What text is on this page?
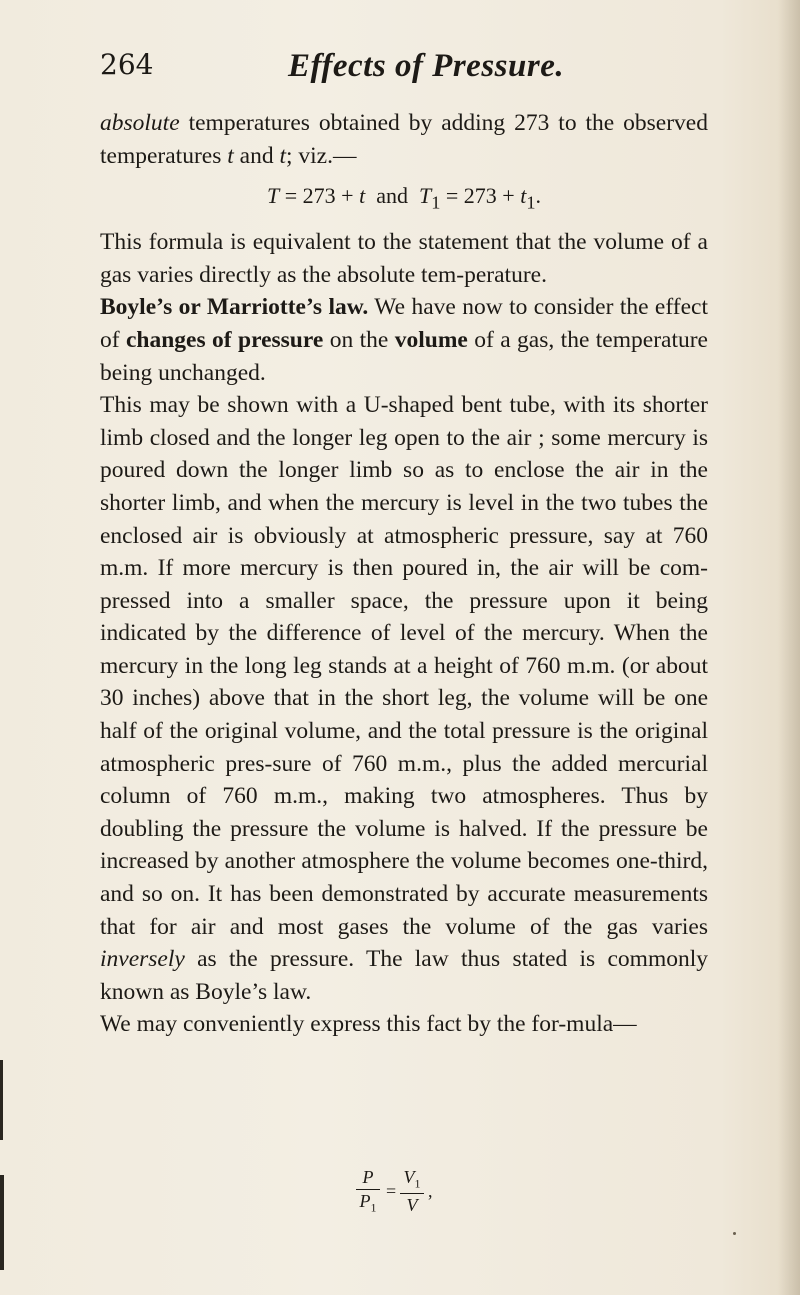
264	Effects of Pressure.

absolute temperatures obtained by adding 273 to the observed temperatures t and t; viz.—

T = 273 + t  and  $T_1 = 273 + t_1$.

This formula is equivalent to the statement that the volume of a gas varies directly as the absolute tem-perature.

Boyle’s or Marriotte’s law. We have now to consider the effect of changes of pressure on the volume of a gas, the temperature being unchanged.

This may be shown with a U-shaped bent tube, with its shorter limb closed and the longer leg open to the air ; some mercury is poured down the longer limb so as to enclose the air in the shorter limb, and when the mercury is level in the two tubes the enclosed air is obviously at atmospheric pressure, say at 760 m.m. If more mercury is then poured in, the air will be com-pressed into a smaller space, the pressure upon it being indicated by the difference of level of the mercury. When the mercury in the long leg stands at a height of 760 m.m. (or about 30 inches) above that in the short leg, the volume will be one half of the original volume, and the total pressure is the original atmospheric pres-sure of 760 m.m., plus the added mercurial column of 760 m.m., making two atmospheres. Thus by doubling the pressure the volume is halved. If the pressure be increased by another atmosphere the volume becomes one-third, and so on. It has been demonstrated by accurate measurements that for air and most gases the volume of the gas varies inversely as the pressure. The law thus stated is commonly known as Boyle’s law.

We may conveniently express this fact by the for-mula—

$\frac{P}{P_1} = \frac{V_1}{V}$ ,
